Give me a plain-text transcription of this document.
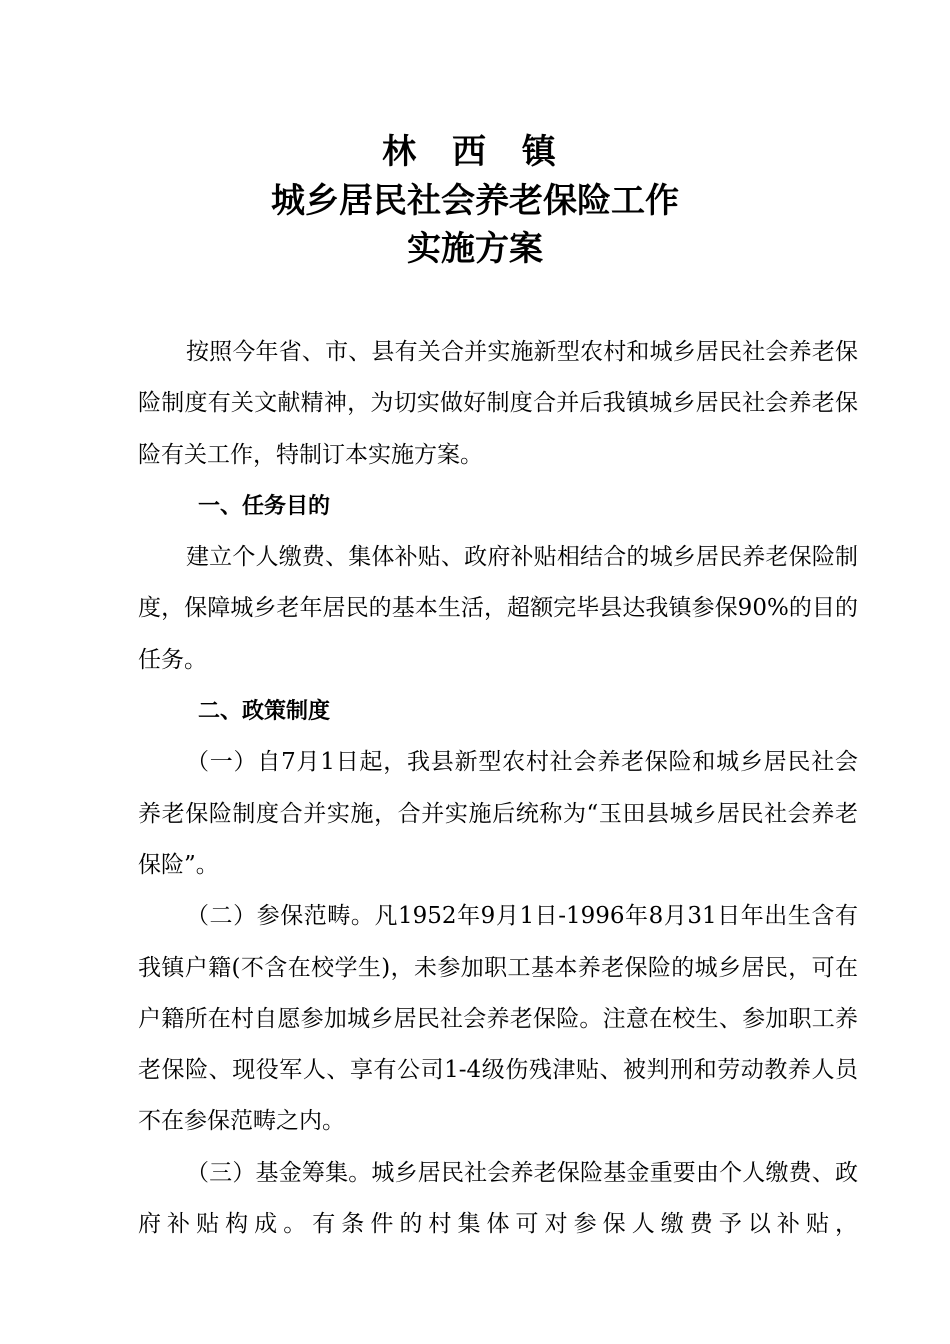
林 西 镇
城乡居民社会养老保险工作
实施方案

按照今年省、市、县有关合并实施新型农村和城乡居民社会养老保险制度有关文献精神，为切实做好制度合并后我镇城乡居民社会养老保险有关工作，特制订本实施方案。

一、任务目的

建立个人缴费、集体补贴、政府补贴相结合的城乡居民养老保险制度，保障城乡老年居民的基本生活，超额完毕县达我镇参保90%的目的任务。

二、政策制度

（一）自7月1日起，我县新型农村社会养老保险和城乡居民社会养老保险制度合并实施，合并实施后统称为“玉田县城乡居民社会养老保险”。

（二）参保范畴。凡1952年9月1日-1996年8月31日年出生含有我镇户籍(不含在校学生)，未参加职工基本养老保险的城乡居民，可在户籍所在村自愿参加城乡居民社会养老保险。注意在校生、参加职工养老保险、现役军人、享有公司1-4级伤残津贴、被判刑和劳动教养人员不在参保范畴之内。

（三）基金筹集。城乡居民社会养老保险基金重要由个人缴费、政府补贴构成。有条件的村集体可对参保人缴费予以补贴，
